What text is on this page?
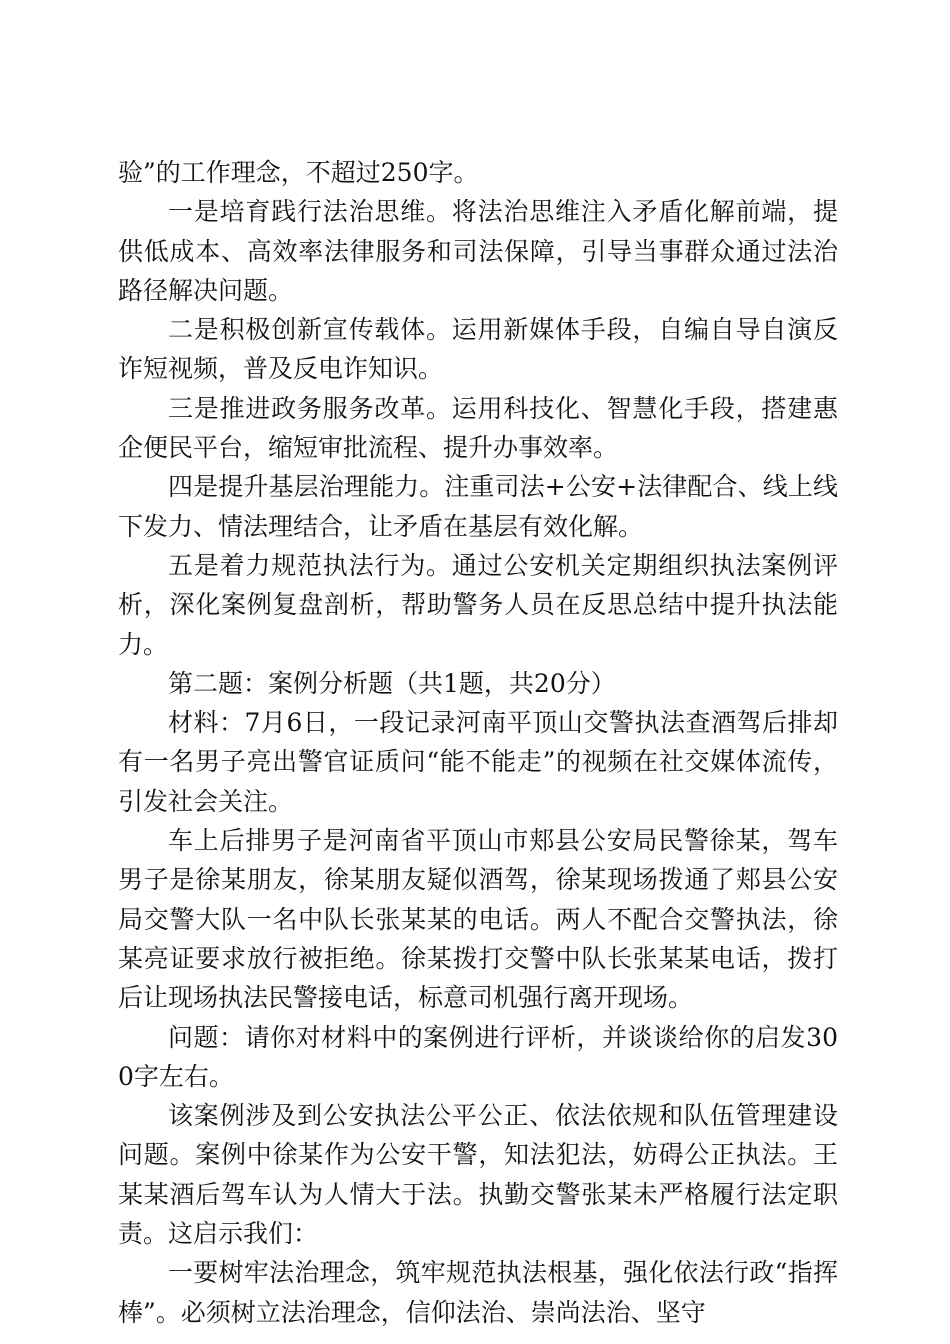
验”的工作理念，不超过250字。

一是培育践行法治思维。将法治思维注入矛盾化解前端，提供低成本、高效率法律服务和司法保障，引导当事群众通过法治路径解决问题。

二是积极创新宣传载体。运用新媒体手段，自编自导自演反诈短视频，普及反电诈知识。

三是推进政务服务改革。运用科技化、智慧化手段，搭建惠企便民平台，缩短审批流程、提升办事效率。

四是提升基层治理能力。注重司法+公安+法律配合、线上线下发力、情法理结合，让矛盾在基层有效化解。

五是着力规范执法行为。通过公安机关定期组织执法案例评析，深化案例复盘剖析，帮助警务人员在反思总结中提升执法能力。

第二题：案例分析题（共1题，共20分）

材料：7月6日，一段记录河南平顶山交警执法查酒驾后排却有一名男子亮出警官证质问“能不能走”的视频在社交媒体流传，引发社会关注。

车上后排男子是河南省平顶山市郏县公安局民警徐某，驾车男子是徐某朋友，徐某朋友疑似酒驾，徐某现场拨通了郏县公安局交警大队一名中队长张某某的电话。两人不配合交警执法，徐某亮证要求放行被拒绝。徐某拨打交警中队长张某某电话，拨打后让现场执法民警接电话，标意司机强行离开现场。

问题：请你对材料中的案例进行评析，并谈谈给你的启发300字左右。

该案例涉及到公安执法公平公正、依法依规和队伍管理建设问题。案例中徐某作为公安干警，知法犯法，妨碍公正执法。王某某酒后驾车认为人情大于法。执勤交警张某未严格履行法定职责。这启示我们：

一要树牢法治理念，筑牢规范执法根基，强化依法行政“指挥棒”。必须树立法治理念，信仰法治、崇尚法治、坚守
